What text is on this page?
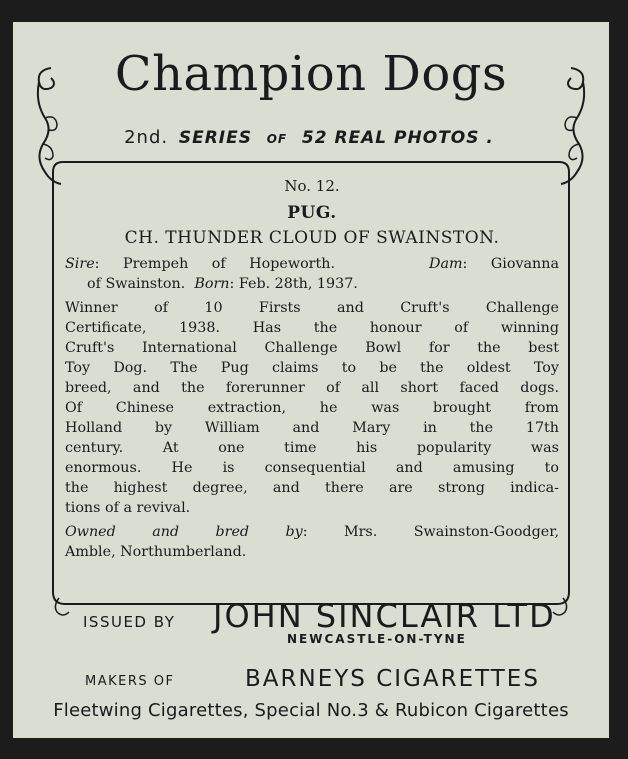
Champion Dogs
2nd. SERIES OF 52 REAL PHOTOS .
No. 12.
PUG.
CH. THUNDER CLOUD OF SWAINSTON.
Sire: Prempeh of Hopeworth.	Dam: Giovanna
of Swainston. Born: Feb. 28th, 1937.
Winner of 10 Firsts and Cruft's Challenge
Certificate, 1938. Has the honour of winning
Cruft's International Challenge Bowl for the best
Toy Dog. The Pug claims to be the oldest Toy
breed, and the forerunner of all short faced dogs.
Of Chinese extraction, he was brought from
Holland by William and Mary in the 17th
century. At one time his popularity was
enormous. He is consequential and amusing to
the highest degree, and there are strong indica-
tions of a revival.
Owned and bred by: Mrs. Swainston-Goodger,
Amble, Northumberland.
ISSUED BY JOHN SINCLAIR LTD
NEWCASTLE-ON-TYNE
MAKERS OF	BARNEYS CIGARETTES
Fleetwing Cigarettes, Special No.3 & Rubicon Cigarettes
